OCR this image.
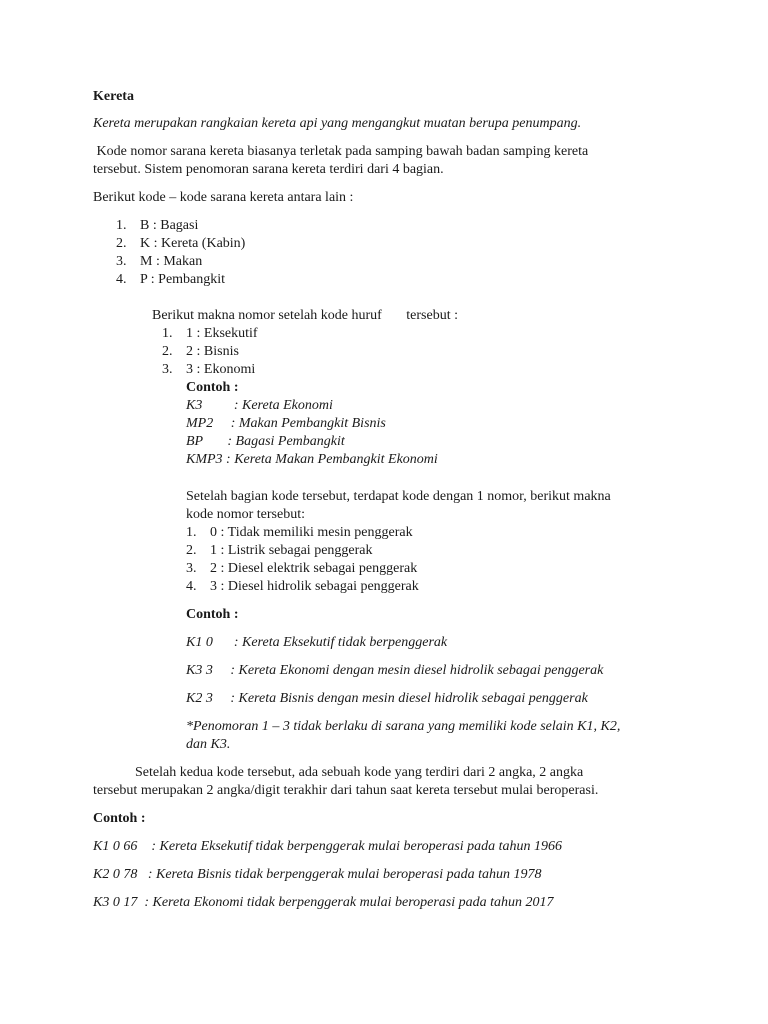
Kereta

Kereta merupakan rangkaian kereta api yang mengangkut muatan berupa penumpang.

Kode nomor sarana kereta biasanya terletak pada samping bawah badan samping kereta

tersebut. Sistem penomoran sarana kereta terdiri dari 4 bagian.

Berikut kode – kode sarana kereta antara lain :

1. B : Bagasi
2. K : Kereta (Kabin)
3. M : Makan
4. P : Pembangkit

Berikut makna nomor setelah kode huruf       tersebut :

1. 1 : Eksekutif
2. 2 : Bisnis
3. 3 : Ekonomi

Contoh :

K3         : Kereta Ekonomi

MP2     : Makan Pembangkit Bisnis

BP       : Bagasi Pembangkit

KMP3 : Kereta Makan Pembangkit Ekonomi

Setelah bagian kode tersebut, terdapat kode dengan 1 nomor, berikut makna

kode nomor tersebut:

1. 0 : Tidak memiliki mesin penggerak
2. 1 : Listrik sebagai penggerak
3. 2 : Diesel elektrik sebagai penggerak
4. 3 : Diesel hidrolik sebagai penggerak

Contoh :

K1 0      : Kereta Eksekutif tidak berpenggerak

K3 3     : Kereta Ekonomi dengan mesin diesel hidrolik sebagai penggerak

K2 3     : Kereta Bisnis dengan mesin diesel hidrolik sebagai penggerak

*Penomoran 1 – 3 tidak berlaku di sarana yang memiliki kode selain K1, K2,

dan K3.

Setelah kedua kode tersebut, ada sebuah kode yang terdiri dari 2 angka, 2 angka

tersebut merupakan 2 angka/digit terakhir dari tahun saat kereta tersebut mulai beroperasi.

Contoh :

K1 0 66    : Kereta Eksekutif tidak berpenggerak mulai beroperasi pada tahun 1966

K2 0 78   : Kereta Bisnis tidak berpenggerak mulai beroperasi pada tahun 1978

K3 0 17  : Kereta Ekonomi tidak berpenggerak mulai beroperasi pada tahun 2017
